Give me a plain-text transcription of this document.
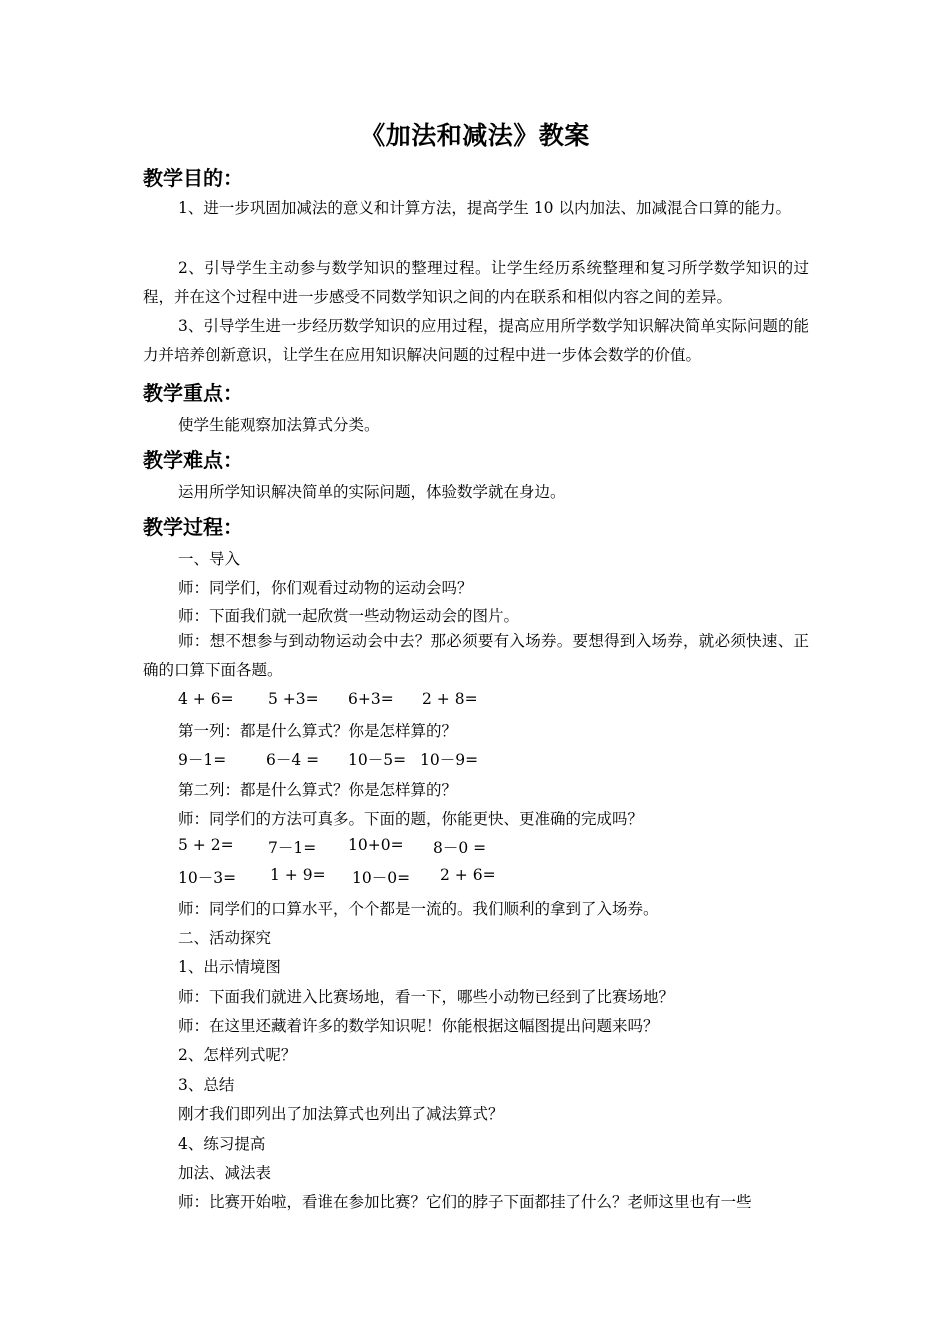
《加法和减法》教案
教学目的：
1、进一步巩固加减法的意义和计算方法，提高学生 10 以内加法、加减混合口算的能力。
2、引导学生主动参与数学知识的整理过程。让学生经历系统整理和复习所学数学知识的过程，并在这个过程中进一步感受不同数学知识之间的内在联系和相似内容之间的差异。
3、引导学生进一步经历数学知识的应用过程，提高应用所学数学知识解决简单实际问题的能力并培养创新意识，让学生在应用知识解决问题的过程中进一步体会数学的价值。
教学重点：
使学生能观察加法算式分类。
教学难点：
运用所学知识解决简单的实际问题，体验数学就在身边。
教学过程：
一、导入
师：同学们，你们观看过动物的运动会吗？
师：下面我们就一起欣赏一些动物运动会的图片。
师：想不想参与到动物运动会中去？那必须要有入场券。要想得到入场券，就必须快速、正确的口算下面各题。
4 + 6= 5 +3= 6+3= 2 + 8=
第一列：都是什么算式？你是怎样算的？
9－1=	6－4 = 10－5= 10－9=
第二列：都是什么算式？你是怎样算的？
师：同学们的方法可真多。下面的题，你能更快、更准确的完成吗？
5 + 2= 7－1= 10+0= 8－0 =
10－3= 1 + 9= 10－0= 2 + 6=
师：同学们的口算水平，个个都是一流的。我们顺利的拿到了入场券。
二、活动探究
1、出示情境图
师：下面我们就进入比赛场地，看一下，哪些小动物已经到了比赛场地？
师：在这里还藏着许多的数学知识呢！你能根据这幅图提出问题来吗？
2、怎样列式呢？
3、总结
刚才我们即列出了加法算式也列出了减法算式？
4、练习提高
加法、减法表
师：比赛开始啦，看谁在参加比赛？它们的脖子下面都挂了什么？老师这里也有一些
